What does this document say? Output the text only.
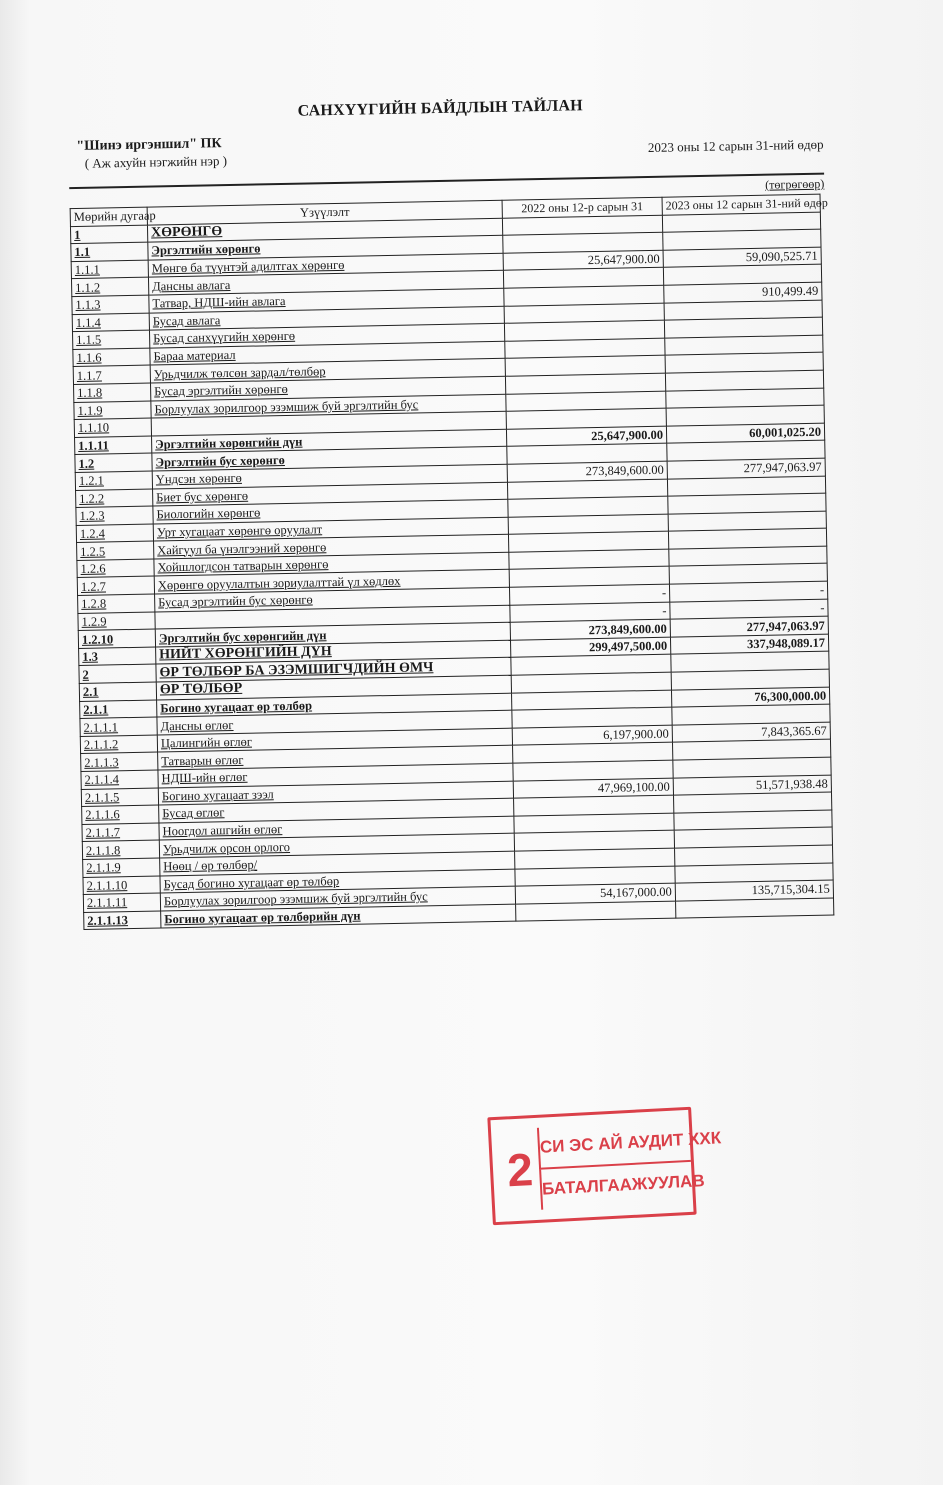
САНХҮҮГИЙН БАЙДЛЫН ТАЙЛАН
"Шинэ иргэншил" ПК
( Аж ахуйн нэгжийн нэр )
2023 оны 12 сарын 31-ний өдөр
(төгрөгөөр)
Мөрийн дугаар	Үзүүлэлт	2022 оны 12-р сарын 31	2023 оны 12 сарын 31-ний өдөр
1	ХӨРӨНГӨ		
1.1	Эргэлтийн хөрөнгө		
1.1.1	Мөнгө ба түүнтэй адилтгах хөрөнгө	25,647,900.00	59,090,525.71
1.1.2	Дансны авлага		
1.1.3	Татвар, НДШ-ийн авлага		910,499.49
1.1.4	Бусад авлага		
1.1.5	Бусад санхүүгийн хөрөнгө		
1.1.6	Бараа материал		
1.1.7	Урьдчилж төлсөн зардал/төлбөр		
1.1.8	Бусад эргэлтийн хөрөнгө		
1.1.9	Борлуулах зорилгоор эзэмшиж буй эргэлтийн бус		
1.1.10			
1.1.11	Эргэлтийн хөрөнгийн дүн	25,647,900.00	60,001,025.20
1.2	Эргэлтийн бус хөрөнгө		
1.2.1	Үндсэн хөрөнгө	273,849,600.00	277,947,063.97
1.2.2	Биет бус хөрөнгө		
1.2.3	Биологийн хөрөнгө		
1.2.4	Урт хугацаат хөрөнгө оруулалт		
1.2.5	Хайгуул ба үнэлгээний хөрөнгө		
1.2.6	Хойшлогдсон татварын хөрөнгө		
1.2.7	Хөрөнгө оруулалтын зориулалттай үл хөдлөх		
1.2.8	Бусад эргэлтийн бус хөрөнгө	-	-
1.2.9		-	-
1.2.10	Эргэлтийн бус хөрөнгийн дүн	273,849,600.00	277,947,063.97
1.3	НИЙТ ХӨРӨНГИЙН ДҮН	299,497,500.00	337,948,089.17
2	ӨР ТӨЛБӨР БА ЭЗЭМШИГЧДИЙН ӨМЧ		
2.1	ӨР ТӨЛБӨР		
2.1.1	Богино хугацаат өр төлбөр		76,300,000.00
2.1.1.1	Дансны өглөг		
2.1.1.2	Цалингийн өглөг	6,197,900.00	7,843,365.67
2.1.1.3	Татварын өглөг		
2.1.1.4	НДШ-ийн өглөг		
2.1.1.5	Богино хугацаат зээл	47,969,100.00	51,571,938.48
2.1.1.6	Бусад өглөг		
2.1.1.7	Ноогдол ашгийн өглөг		
2.1.1.8	Урьдчилж орсон орлого		
2.1.1.9	Нөөц / өр төлбөр/		
2.1.1.10	Бусад богино хугацаат өр төлбөр		
2.1.1.11	Борлуулах зорилгоор эзэмшиж буй эргэлтийн бус	54,167,000.00	135,715,304.15
2.1.1.13	Богино хугацаат өр төлбөрийн дүн		
2
СИ ЭС АЙ АУДИТ ХХК
БАТАЛГААЖУУЛАВ
